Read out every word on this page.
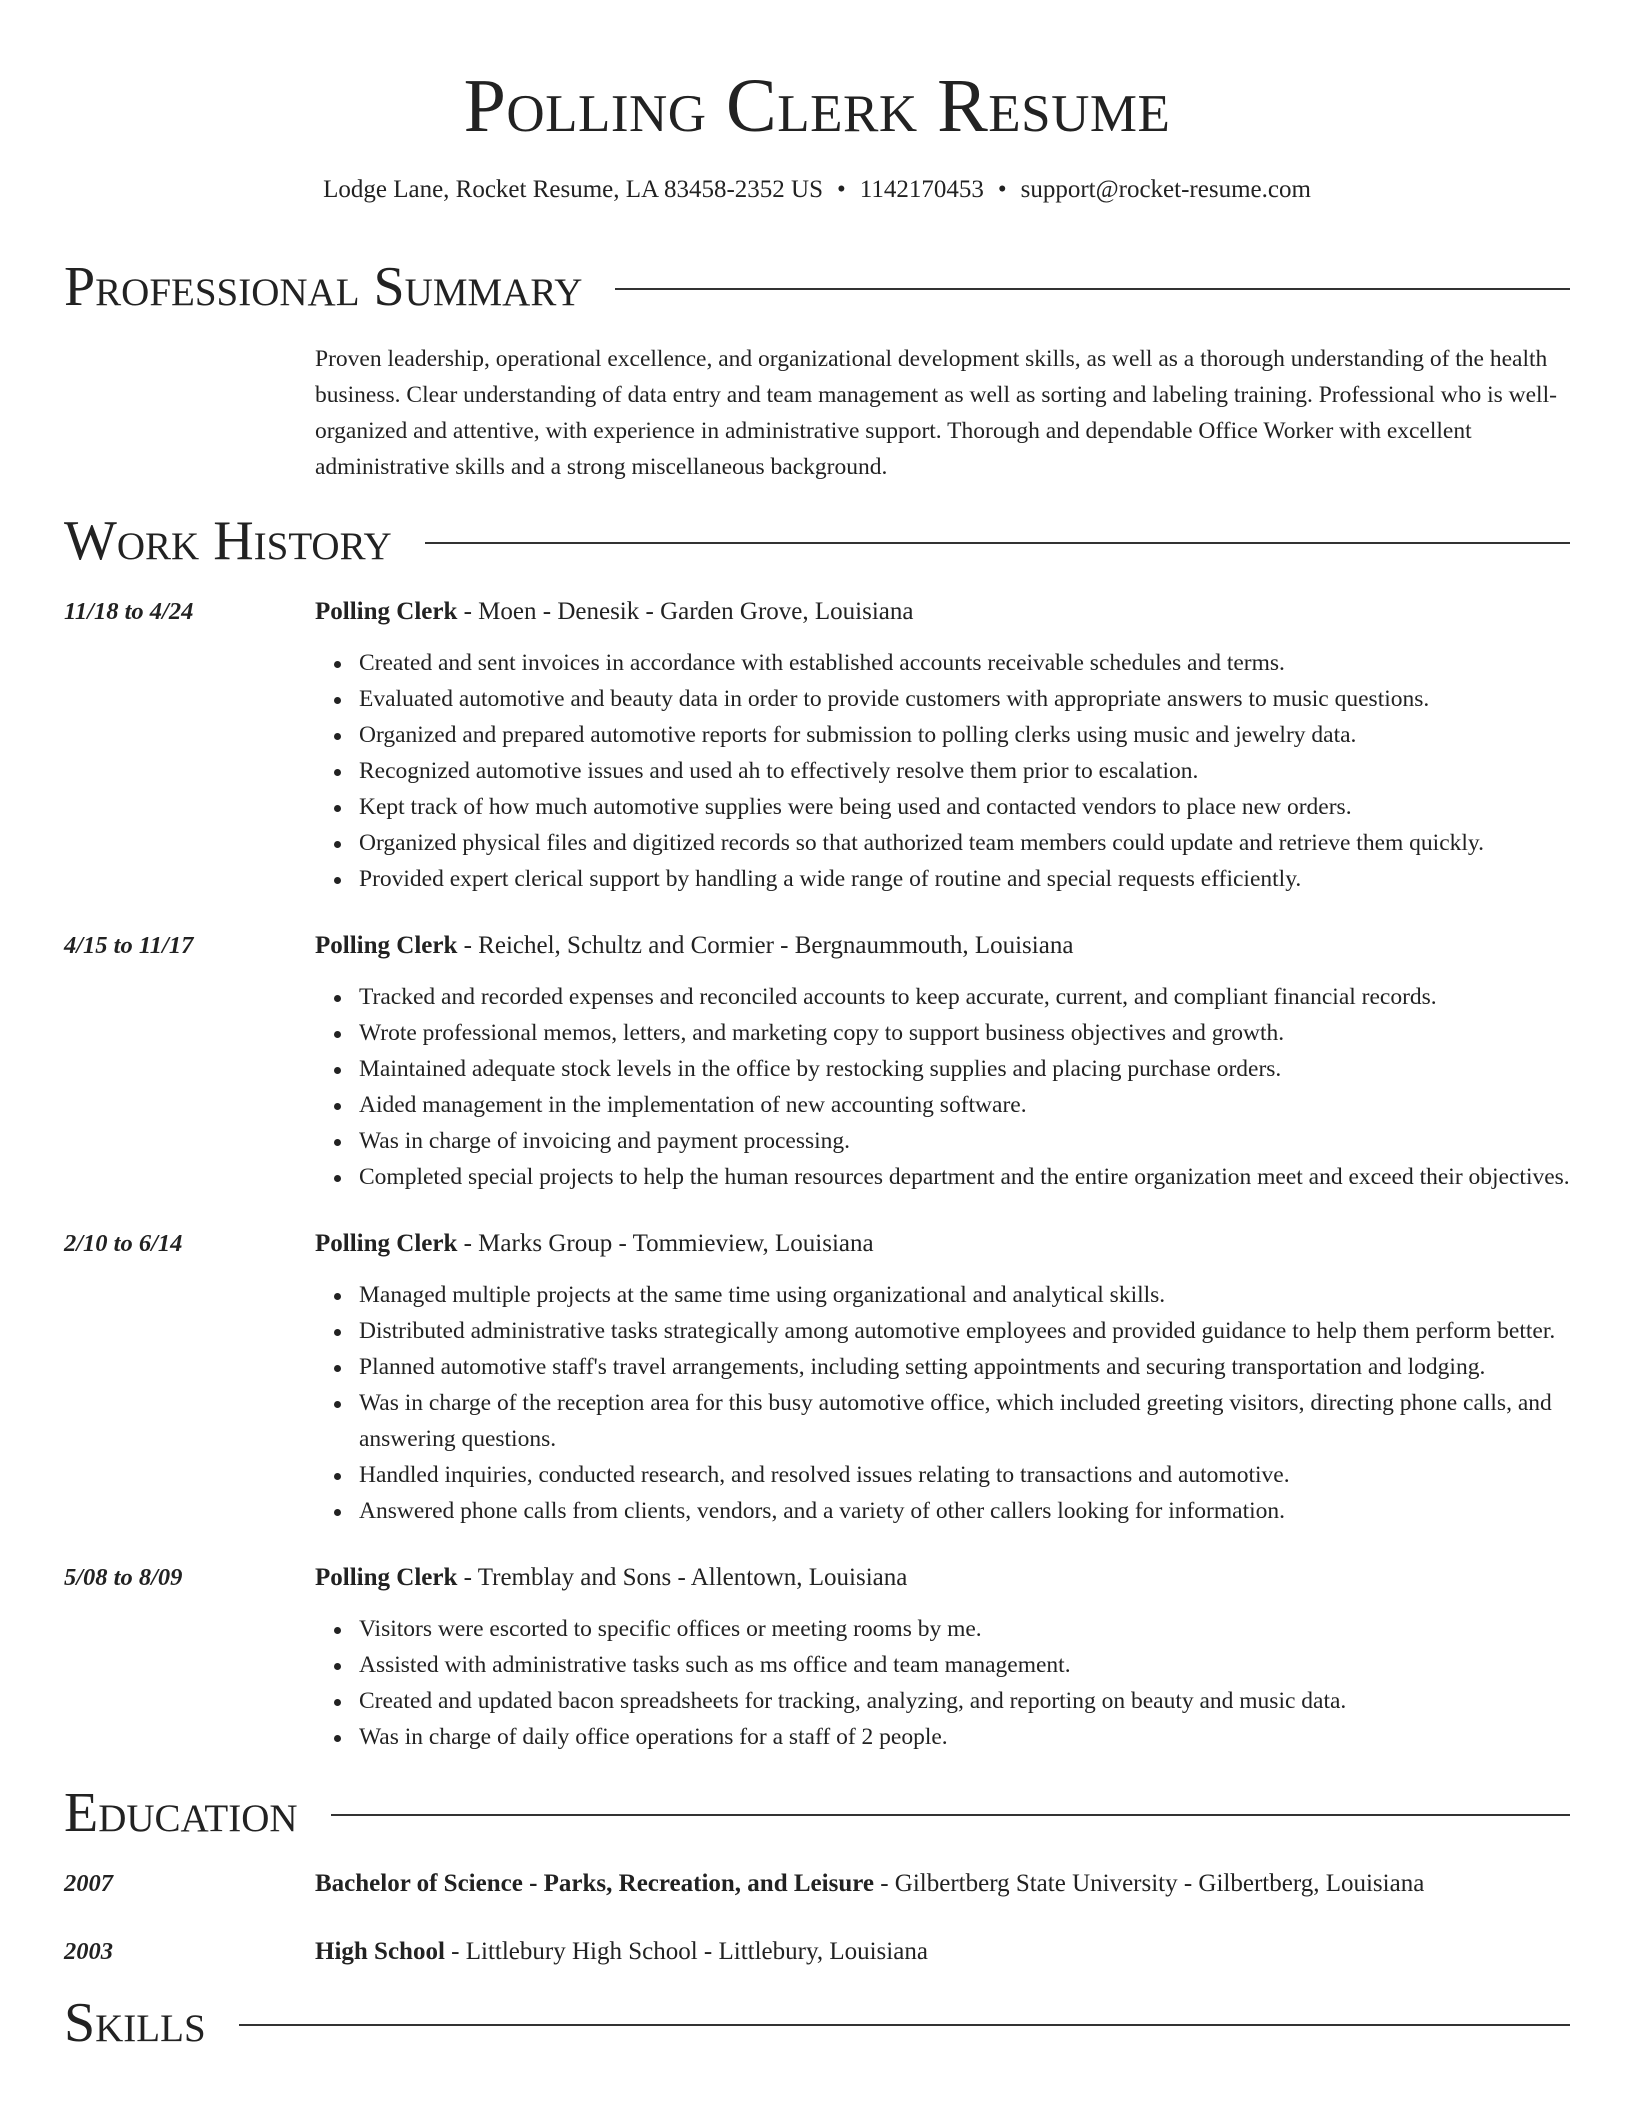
Polling Clerk Resume
Lodge Lane, Rocket Resume, LA 83458-2352 US • 1142170453 • support@rocket-resume.com
Professional Summary
Proven leadership, operational excellence, and organizational development skills, as well as a thorough understanding of the health business. Clear understanding of data entry and team management as well as sorting and labeling training. Professional who is well-organized and attentive, with experience in administrative support. Thorough and dependable Office Worker with excellent administrative skills and a strong miscellaneous background.
Work History
11/18 to 4/24	Polling Clerk - Moen - Denesik - Garden Grove, Louisiana
Created and sent invoices in accordance with established accounts receivable schedules and terms.
Evaluated automotive and beauty data in order to provide customers with appropriate answers to music questions.
Organized and prepared automotive reports for submission to polling clerks using music and jewelry data.
Recognized automotive issues and used ah to effectively resolve them prior to escalation.
Kept track of how much automotive supplies were being used and contacted vendors to place new orders.
Organized physical files and digitized records so that authorized team members could update and retrieve them quickly.
Provided expert clerical support by handling a wide range of routine and special requests efficiently.
4/15 to 11/17	Polling Clerk - Reichel, Schultz and Cormier - Bergnaummouth, Louisiana
Tracked and recorded expenses and reconciled accounts to keep accurate, current, and compliant financial records.
Wrote professional memos, letters, and marketing copy to support business objectives and growth.
Maintained adequate stock levels in the office by restocking supplies and placing purchase orders.
Aided management in the implementation of new accounting software.
Was in charge of invoicing and payment processing.
Completed special projects to help the human resources department and the entire organization meet and exceed their objectives.
2/10 to 6/14	Polling Clerk - Marks Group - Tommieview, Louisiana
Managed multiple projects at the same time using organizational and analytical skills.
Distributed administrative tasks strategically among automotive employees and provided guidance to help them perform better.
Planned automotive staff's travel arrangements, including setting appointments and securing transportation and lodging.
Was in charge of the reception area for this busy automotive office, which included greeting visitors, directing phone calls, and answering questions.
Handled inquiries, conducted research, and resolved issues relating to transactions and automotive.
Answered phone calls from clients, vendors, and a variety of other callers looking for information.
5/08 to 8/09	Polling Clerk - Tremblay and Sons - Allentown, Louisiana
Visitors were escorted to specific offices or meeting rooms by me.
Assisted with administrative tasks such as ms office and team management.
Created and updated bacon spreadsheets for tracking, analyzing, and reporting on beauty and music data.
Was in charge of daily office operations for a staff of 2 people.
Education
2007	Bachelor of Science - Parks, Recreation, and Leisure - Gilbertberg State University - Gilbertberg, Louisiana
2003	High School - Littlebury High School - Littlebury, Louisiana
Skills
